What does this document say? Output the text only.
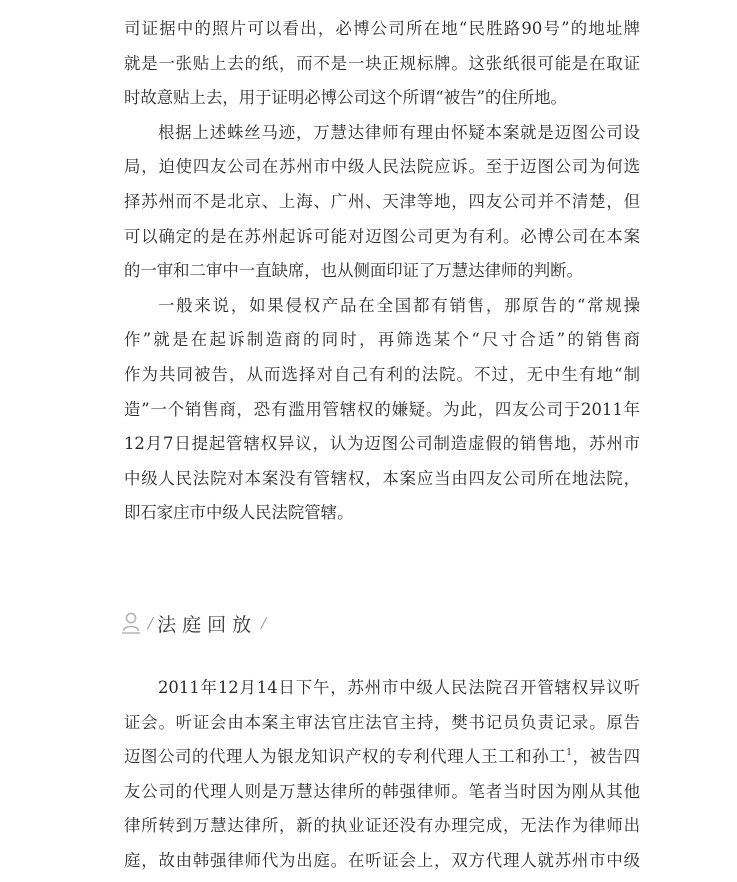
司证据中的照片可以看出，必博公司所在地“民胜路90号”的地址牌
就是一张贴上去的纸，而不是一块正规标牌。这张纸很可能是在取证
时故意贴上去，用于证明必博公司这个所谓“被告”的住所地。
根据上述蛛丝马迹，万慧达律师有理由怀疑本案就是迈图公司设
局，迫使四友公司在苏州市中级人民法院应诉。至于迈图公司为何选
择苏州而不是北京、上海、广州、天津等地，四友公司并不清楚，但
可以确定的是在苏州起诉可能对迈图公司更为有利。必博公司在本案
的一审和二审中一直缺席，也从侧面印证了万慧达律师的判断。
一般来说，如果侵权产品在全国都有销售，那原告的“常规操
作”就是在起诉制造商的同时，再筛选某个“尺寸合适”的销售商
作为共同被告，从而选择对自己有利的法院。不过，无中生有地“制
造”一个销售商，恐有滥用管辖权的嫌疑。为此，四友公司于2011年
12月7日提起管辖权异议，认为迈图公司制造虚假的销售地，苏州市
中级人民法院对本案没有管辖权，本案应当由四友公司所在地法院，
即石家庄市中级人民法院管辖。
/ 法庭回放 /
2011年12月14日下午，苏州市中级人民法院召开管辖权异议听
证会。听证会由本案主审法官庄法官主持，樊书记员负责记录。原告
迈图公司的代理人为银龙知识产权的专利代理人王工和孙工$^1$，被告四
友公司的代理人则是万慧达律所的韩强律师。笔者当时因为刚从其他
律所转到万慧达律所，新的执业证还没有办理完成，无法作为律师出
庭，故由韩强律师代为出庭。在听证会上，双方代理人就苏州市中级
